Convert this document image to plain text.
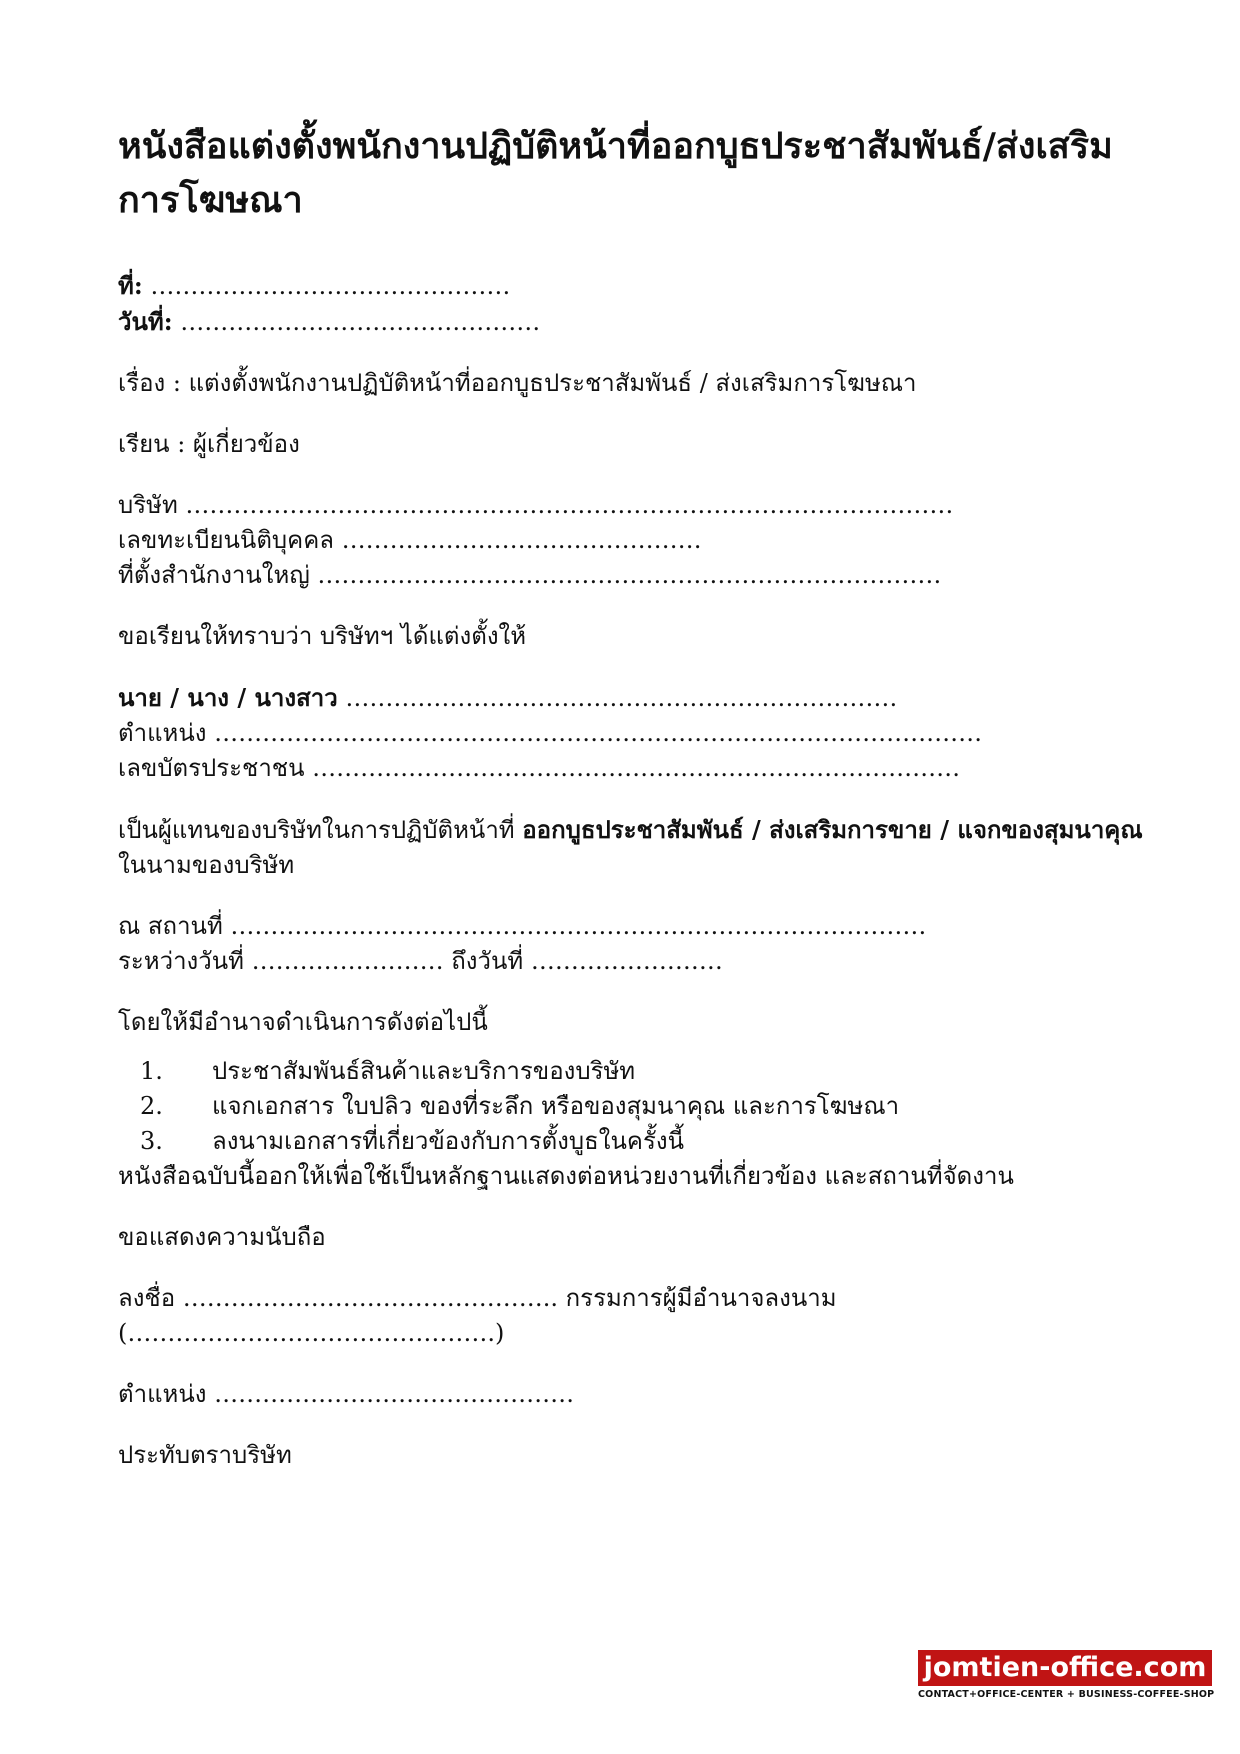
หนังสือแต่งตั้งพนักงานปฏิบัติหน้าที่ออกบูธประชาสัมพันธ์/ส่งเสริมการโฆษณา
ที่: ………………………………………
วันที่: ………………………………………
เรื่อง : แต่งตั้งพนักงานปฏิบัติหน้าที่ออกบูธประชาสัมพันธ์ / ส่งเสริมการโฆษณา
เรียน : ผู้เกี่ยวข้อง
บริษัท ……………………………………………………………………………………
เลขทะเบียนนิติบุคคล ………………………………………
ที่ตั้งสำนักงานใหญ่ ……………………………………………………………………
ขอเรียนให้ทราบว่า บริษัทฯ ได้แต่งตั้งให้
นาย / นาง / นางสาว ……………………………………………………………
ตำแหน่ง ……………………………………………………………………………………
เลขบัตรประชาชน ………………………………………………………………………
เป็นผู้แทนของบริษัทในการปฏิบัติหน้าที่ ออกบูธประชาสัมพันธ์ / ส่งเสริมการขาย / แจกของสุมนาคุณ
ในนามของบริษัท
ณ สถานที่ ……………………………………………………………………………
ระหว่างวันที่ …………………… ถึงวันที่ ……………………
โดยให้มีอำนาจดำเนินการดังต่อไปนี้
1.	ประชาสัมพันธ์สินค้าและบริการของบริษัท
2.	แจกเอกสาร ใบปลิว ของที่ระลึก หรือของสุมนาคุณ และการโฆษณา
3.	ลงนามเอกสารที่เกี่ยวข้องกับการตั้งบูธในครั้งนี้
หนังสือฉบับนี้ออกให้เพื่อใช้เป็นหลักฐานแสดงต่อหน่วยงานที่เกี่ยวข้อง และสถานที่จัดงาน
ขอแสดงความนับถือ
ลงชื่อ ……………………………………….. กรรมการผู้มีอำนาจลงนาม
(……………………………………….)
ตำแหน่ง ………………………………………
ประทับตราบริษัท
jomtien-office.com
CONTACT+OFFICE-CENTER + BUSINESS-COFFEE-SHOP
